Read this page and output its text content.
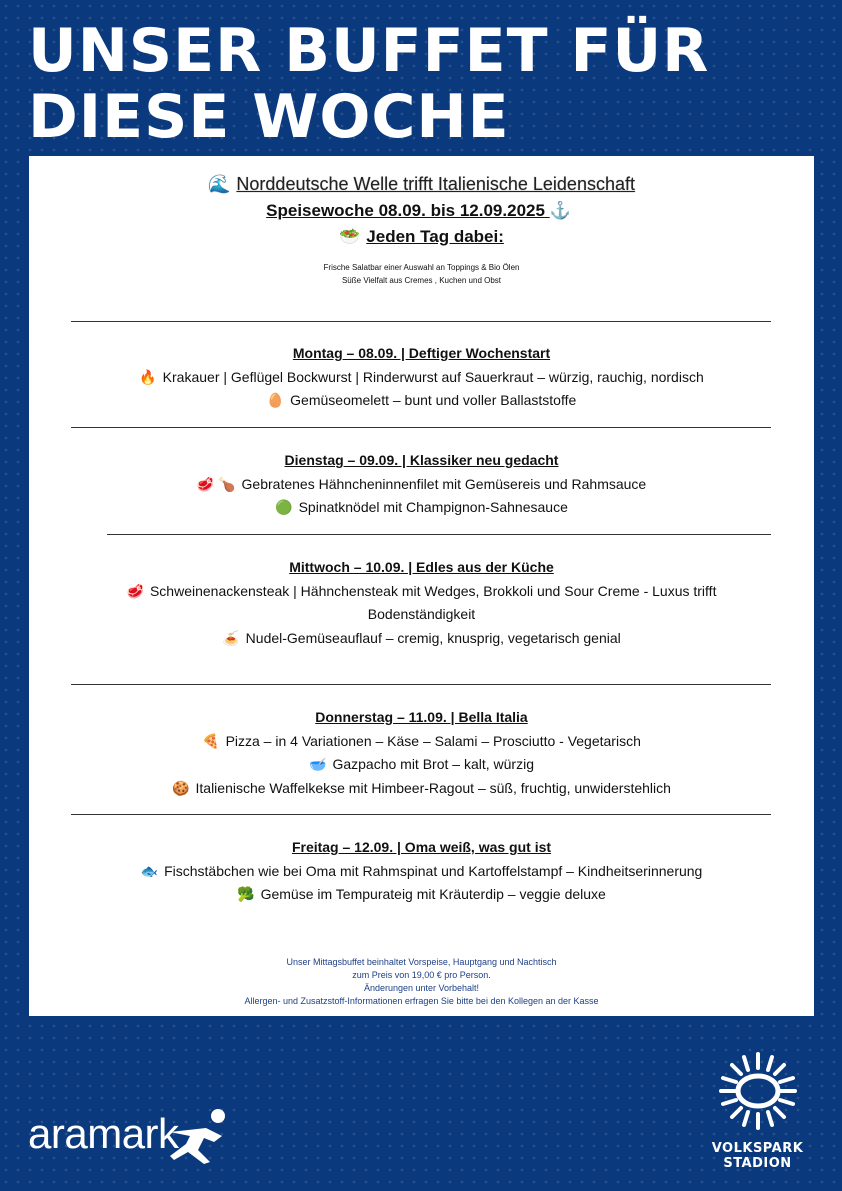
UNSER BUFFET FÜR
DIESE WOCHE
🌊 Norddeutsche Welle trifft Italienische Leidenschaft
Speisewoche 08.09. bis 12.09.2025 ⚓
🥗 Jeden Tag dabei:
Frische Salatbar einer Auswahl an Toppings & Bio Ölen
Süße Vielfalt aus Cremes , Kuchen und Obst
Montag – 08.09. | Deftiger Wochenstart
🔥 Krakauer | Geflügel Bockwurst | Rinderwurst auf Sauerkraut – würzig, rauchig, nordisch
🥚 Gemüseomelett – bunt und voller Ballaststoffe
Dienstag – 09.09. | Klassiker neu gedacht
🥩 🍗 Gebratenes Hähncheninnenfilet mit Gemüsereis und Rahmsauce
🟢 Spinatknödel mit Champignon-Sahnesauce
Mittwoch – 10.09. | Edles aus der Küche
🥩 Schweinenackensteak | Hähnchensteak mit Wedges, Brokkoli und Sour Creme - Luxus trifft Bodenständigkeit
🍝 Nudel-Gemüseauflauf – cremig, knusprig, vegetarisch genial
Donnerstag – 11.09. | Bella Italia
🍕 Pizza – in 4 Variationen – Käse – Salami – Prosciutto - Vegetarisch
🥣 Gazpacho mit Brot – kalt, würzig
🍪 Italienische Waffelkekse mit Himbeer-Ragout – süß, fruchtig, unwiderstehlich
Freitag – 12.09. | Oma weiß, was gut ist
🐟 Fischstäbchen wie bei Oma mit Rahmspinat und Kartoffelstampf – Kindheitserinnerung
🥦 Gemüse im Tempurateig mit Kräuterdip – veggie deluxe
Unser Mittagsbuffet beinhaltet Vorspeise, Hauptgang und Nachtisch
zum Preis von 19,00 € pro Person.
Änderungen unter Vorbehalt!
Allergen- und Zusatzstoff-Informationen erfragen Sie bitte bei den Kollegen an der Kasse
aramark	VOLKSPARK
STADION
